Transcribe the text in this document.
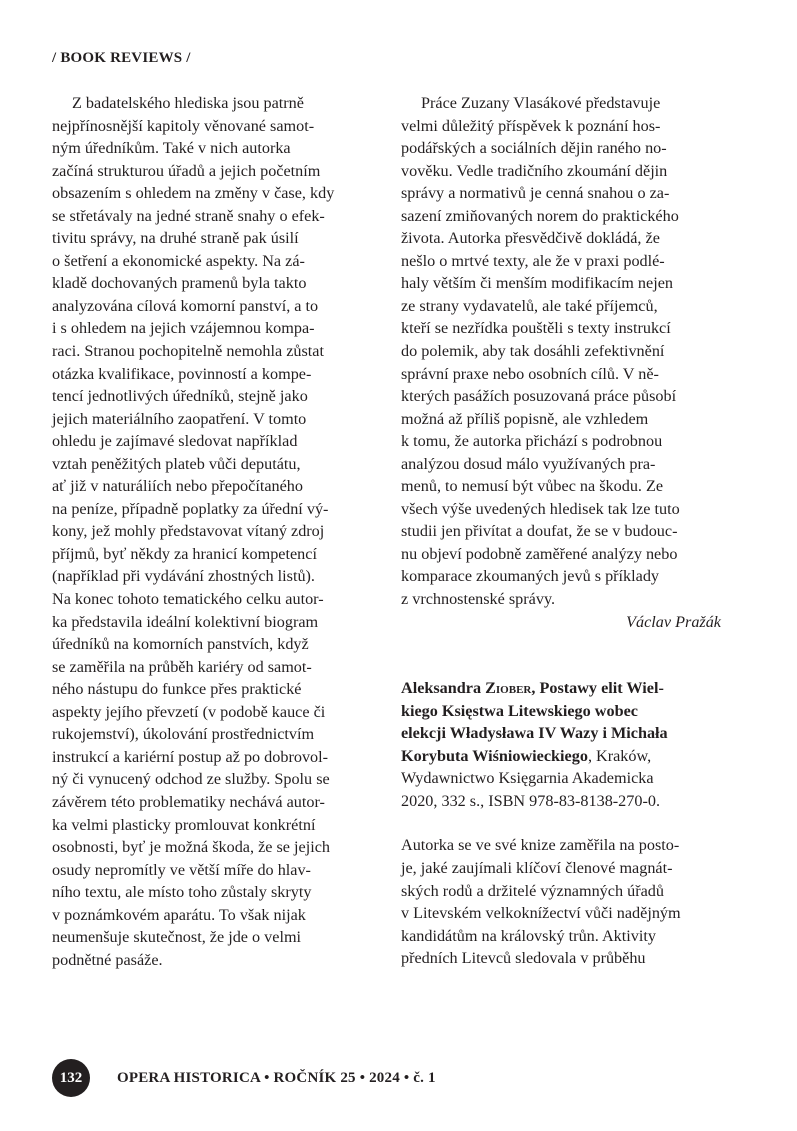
/ BOOK REVIEWS /
Z badatelského hlediska jsou patrně
nejpřínosnější kapitoly věnované samot-
ným úředníkům. Také v nich autorka
začíná strukturou úřadů a jejich početním
obsazením s ohledem na změny v čase, kdy
se střetávaly na jedné straně snahy o efek-
tivitu správy, na druhé straně pak úsilí
o šetření a ekonomické aspekty. Na zá-
kladě dochovaných pramenů byla takto
analyzována cílová komorní panství, a to
i s ohledem na jejich vzájemnou kompa-
raci. Stranou pochopitelně nemohla zůstat
otázka kvalifikace, povinností a kompe-
tencí jednotlivých úředníků, stejně jako
jejich materiálního zaopatření. V tomto
ohledu je zajímavé sledovat například
vztah peněžitých plateb vůči deputátu,
ať již v naturáliích nebo přepočítaného
na peníze, případně poplatky za úřední vý-
kony, jež mohly představovat vítaný zdroj
příjmů, byť někdy za hranicí kompetencí
(například při vydávání zhostných listů).
Na konec tohoto tematického celku autor-
ka představila ideální kolektivní biogram
úředníků na komorních panstvích, když
se zaměřila na průběh kariéry od samot-
ného nástupu do funkce přes praktické
aspekty jejího převzetí (v podobě kauce či
rukojemství), úkolování prostřednictvím
instrukcí a kariérní postup až po dobrovol-
ný či vynucený odchod ze služby. Spolu se
závěrem této problematiky nechává autor-
ka velmi plasticky promlouvat konkrétní
osobnosti, byť je možná škoda, že se jejich
osudy nepromítly ve větší míře do hlav-
ního textu, ale místo toho zůstaly skryty
v poznámkovém aparátu. To však nijak
neumenšuje skutečnost, že jde o velmi
podnětné pasáže.
Práce Zuzany Vlasákové představuje
velmi důležitý příspěvek k poznání hos-
podářských a sociálních dějin raného no-
vověku. Vedle tradičního zkoumání dějin
správy a normativů je cenná snahou o za-
sazení zmiňovaných norem do praktického
života. Autorka přesvědčivě dokládá, že
nešlo o mrtvé texty, ale že v praxi podlé-
haly větším či menším modifikacím nejen
ze strany vydavatelů, ale také příjemců,
kteří se nezřídka pouštěli s texty instrukcí
do polemik, aby tak dosáhli zefektivnění
správní praxe nebo osobních cílů. V ně-
kterých pasážích posuzovaná práce působí
možná až příliš popisně, ale vzhledem
k tomu, že autorka přichází s podrobnou
analýzou dosud málo využívaných pra-
menů, to nemusí být vůbec na škodu. Ze
všech výše uvedených hledisek tak lze tuto
studii jen přivítat a doufat, že se v budouc-
nu objeví podobně zaměřené analýzy nebo
komparace zkoumaných jevů s příklady
z vrchnostenské správy.
Václav Pražák
Aleksandra Ziober, Postawy elit Wiel-
kiego Księstwa Litewskiego wobec
elekcji Władysława IV Wazy i Michała
Korybuta Wiśniowieckiego, Kraków,
Wydawnictwo Księgarnia Akademicka
2020, 332 s., ISBN 978-83-8138-270-0.
Autorka se ve své knize zaměřila na posto-
je, jaké zaujímali klíčoví členové magnát-
ských rodů a držitelé významných úřadů
v Litevském velkoknížectví vůči nadějným
kandidátům na královský trůn. Aktivity
předních Litevců sledovala v průběhu
132	OPERA HISTORICA • ROČNÍK 25 • 2024 • č. 1
